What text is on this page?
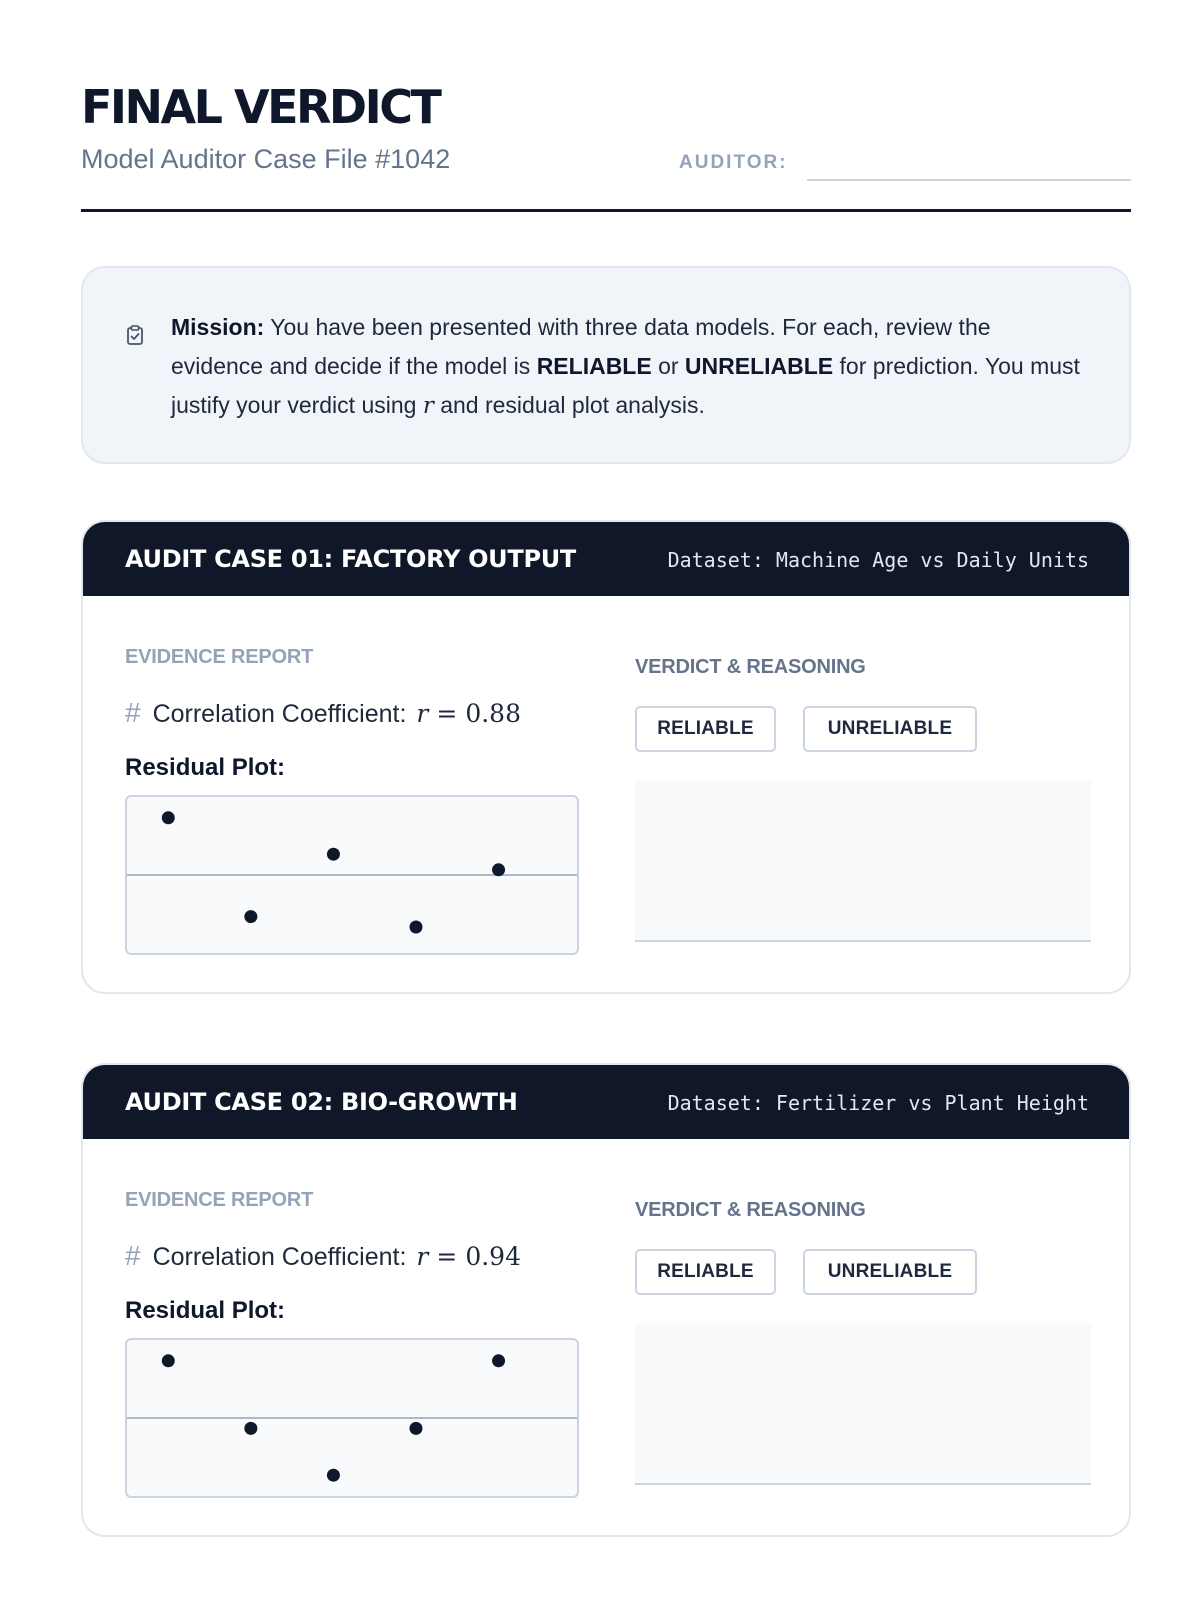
FINAL VERDICT
Model Auditor Case File #1042	AUDITOR:
Mission: You have been presented with three data models. For each, review the evidence and decide if the model is RELIABLE or UNRELIABLE for prediction. You must justify your verdict using r and residual plot analysis.
AUDIT CASE 01: FACTORY OUTPUT	Dataset: Machine Age vs Daily Units
EVIDENCE REPORT
# Correlation Coefficient: r = 0.88
Residual Plot:
VERDICT & REASONING
RELIABLE	UNRELIABLE
AUDIT CASE 02: BIO-GROWTH	Dataset: Fertilizer vs Plant Height
EVIDENCE REPORT
# Correlation Coefficient: r = 0.94
Residual Plot:
VERDICT & REASONING
RELIABLE	UNRELIABLE
